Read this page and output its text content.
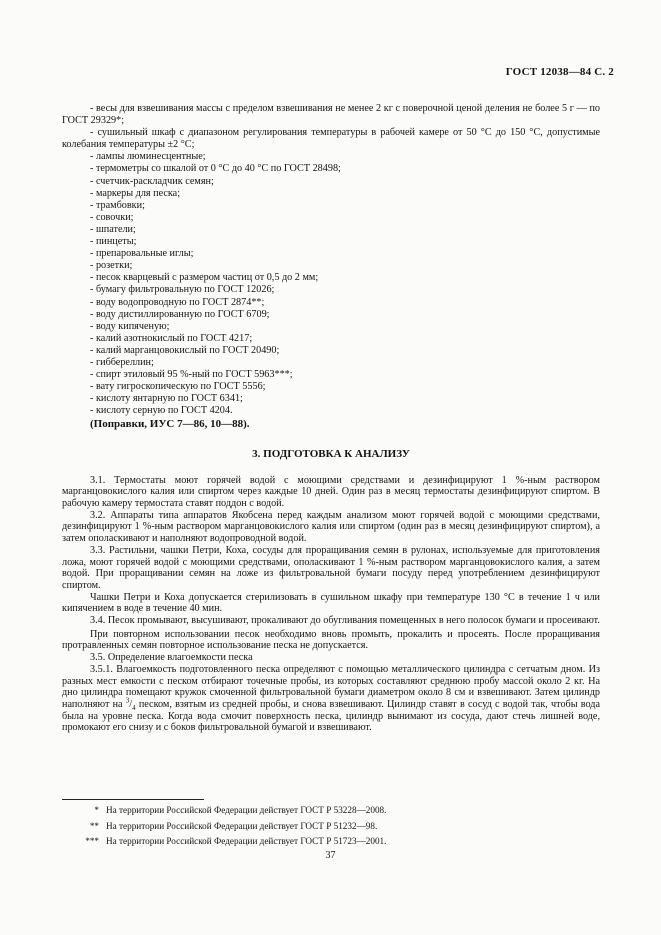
ГОСТ 12038—84 С. 2

- весы для взвешивания массы с пределом взвешивания не менее 2 кг с поверочной ценой деления не более 5 г — по ГОСТ 29329*;

- сушильный шкаф с диапазоном регулирования температуры в рабочей камере от 50 °С до 150 °С, допустимые колебания температуры ±2 °С;

- лампы люминесцентные;

- термометры со шкалой от 0 °С до 40 °С по ГОСТ 28498;

- счетчик-раскладчик семян;

- маркеры для песка;

- трамбовки;

- совочки;

- шпатели;

- пинцеты;

- препаровальные иглы;

- розетки;

- песок кварцевый с размером частиц от 0,5 до 2 мм;

- бумагу фильтровальную по ГОСТ 12026;

- воду водопроводную по ГОСТ 2874**;

- воду дистиллированную по ГОСТ 6709;

- воду кипяченую;

- калий азотнокислый по ГОСТ 4217;

- калий марганцовокислый по ГОСТ 20490;

- гиббереллин;

- спирт этиловый 95 %-ный по ГОСТ 5963***;

- вату гигроскопическую по ГОСТ 5556;

- кислоту янтарную по ГОСТ 6341;

- кислоту серную по ГОСТ 4204.

(Поправки, ИУС 7—86, 10—88).

3. ПОДГОТОВКА К АНАЛИЗУ

3.1. Термостаты моют горячей водой с моющими средствами и дезинфицируют 1 %-ным раствором марганцовокислого калия или спиртом через каждые 10 дней. Один раз в месяц термостаты дезинфицируют спиртом. В рабочую камеру термостата ставят поддон с водой.

3.2. Аппараты типа аппаратов Якобсена перед каждым анализом моют горячей водой с моющими средствами, дезинфицируют 1 %-ным раствором марганцовокислого калия или спиртом (один раз в месяц дезинфицируют спиртом), а затем ополаскивают и наполняют водопроводной водой.

3.3. Растильни, чашки Петри, Коха, сосуды для проращивания семян в рулонах, используемые для приготовления ложа, моют горячей водой с моющими средствами, ополаскивают 1 %-ным раствором марганцовокислого калия, а затем водой. При проращивании семян на ложе из фильтровальной бумаги посуду перед употреблением дезинфицируют спиртом.

Чашки Петри и Коха допускается стерилизовать в сушильном шкафу при температуре 130 °С в течение 1 ч или кипячением в воде в течение 40 мин.

3.4. Песок промывают, высушивают, прокаливают до обугливания помещенных в него полосок бумаги и просеивают.

При повторном использовании песок необходимо вновь промыть, прокалить и просеять. После проращивания протравленных семян повторное использование песка не допускается.

3.5. Определение влагоемкости песка

3.5.1. Влагоемкость подготовленного песка определяют с помощью металлического цилиндра с сетчатым дном. Из разных мест емкости с песком отбирают точечные пробы, из которых составляют среднюю пробу массой около 2 кг. На дно цилиндра помещают кружок смоченной фильтровальной бумаги диаметром около 8 см и взвешивают. Затем цилиндр наполняют на $^3/_4$ песком, взятым из средней пробы, и снова взвешивают. Цилиндр ставят в сосуд с водой так, чтобы вода была на уровне песка. Когда вода смочит поверхность песка, цилиндр вынимают из сосуда, дают стечь лишней воде, промокают его снизу и с боков фильтровальной бумагой и взвешивают.

* На территории Российской Федерации действует ГОСТ Р 53228—2008.
** На территории Российской Федерации действует ГОСТ Р 51232—98.
*** На территории Российской Федерации действует ГОСТ Р 51723—2001.
37
